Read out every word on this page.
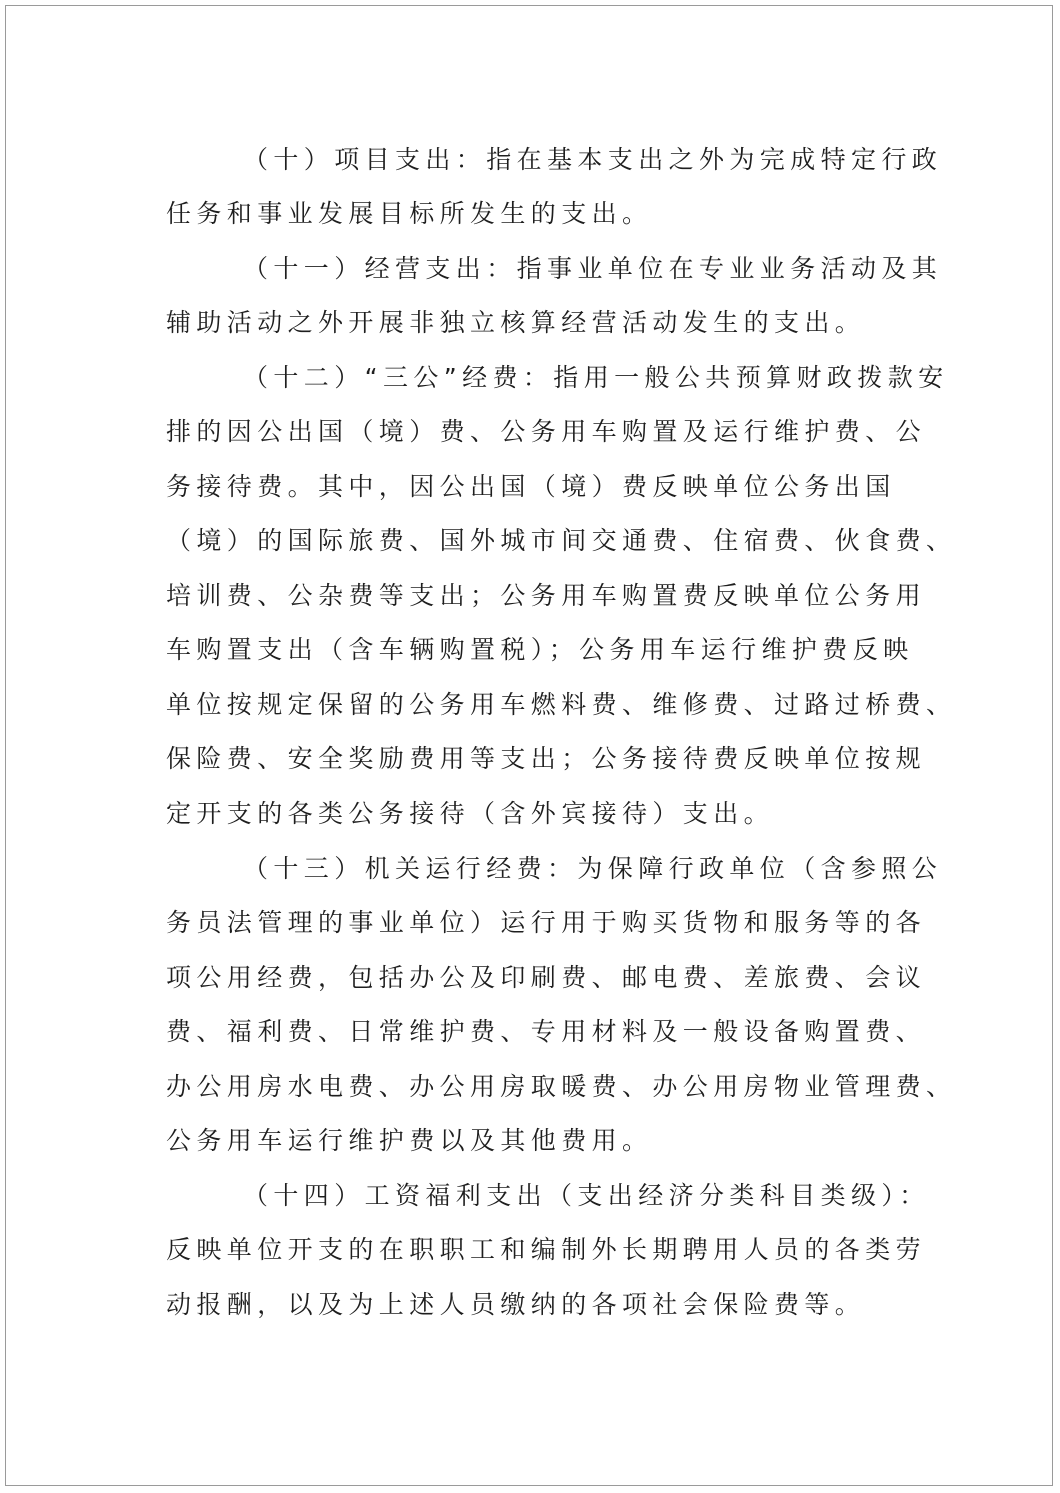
（十）项目支出：指在基本支出之外为完成特定行政
任务和事业发展目标所发生的支出。
（十一）经营支出：指事业单位在专业业务活动及其
辅助活动之外开展非独立核算经营活动发生的支出。
（十二）“三公”经费：指用一般公共预算财政拨款安
排的因公出国（境）费、公务用车购置及运行维护费、公
务接待费。其中，因公出国（境）费反映单位公务出国
（境）的国际旅费、国外城市间交通费、住宿费、伙食费、
培训费、公杂费等支出；公务用车购置费反映单位公务用
车购置支出（含车辆购置税）；公务用车运行维护费反映
单位按规定保留的公务用车燃料费、维修费、过路过桥费、
保险费、安全奖励费用等支出；公务接待费反映单位按规
定开支的各类公务接待（含外宾接待）支出。
（十三）机关运行经费：为保障行政单位（含参照公
务员法管理的事业单位）运行用于购买货物和服务等的各
项公用经费，包括办公及印刷费、邮电费、差旅费、会议
费、福利费、日常维护费、专用材料及一般设备购置费、
办公用房水电费、办公用房取暖费、办公用房物业管理费、
公务用车运行维护费以及其他费用。
（十四）工资福利支出（支出经济分类科目类级）：
反映单位开支的在职职工和编制外长期聘用人员的各类劳
动报酬，以及为上述人员缴纳的各项社会保险费等。
